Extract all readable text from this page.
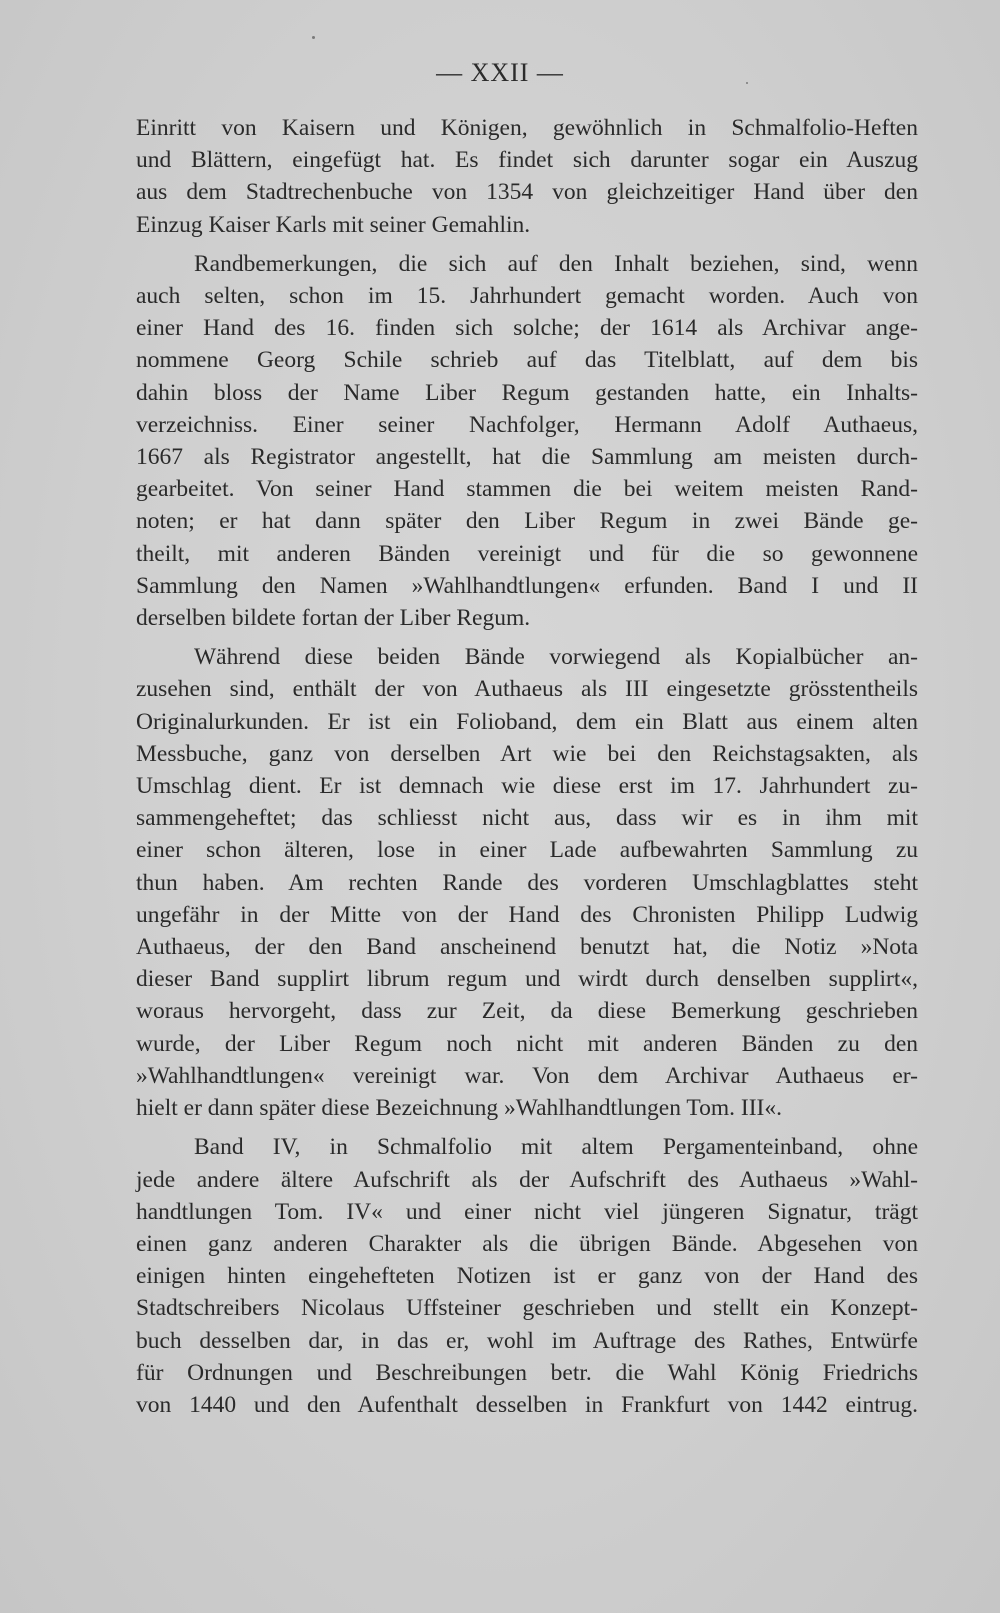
— XXII —

Einritt von Kaisern und Königen, gewöhnlich in Schmalfolio-Heften
und Blättern, eingefügt hat. Es findet sich darunter sogar ein Auszug
aus dem Stadtrechenbuche von 1354 von gleichzeitiger Hand über den
Einzug Kaiser Karls mit seiner Gemahlin.

Randbemerkungen, die sich auf den Inhalt beziehen, sind, wenn
auch selten, schon im 15. Jahrhundert gemacht worden. Auch von
einer Hand des 16. finden sich solche; der 1614 als Archivar ange-
nommene Georg Schile schrieb auf das Titelblatt, auf dem bis
dahin bloss der Name Liber Regum gestanden hatte, ein Inhalts-
verzeichniss. Einer seiner Nachfolger, Hermann Adolf Authaeus,
1667 als Registrator angestellt, hat die Sammlung am meisten durch-
gearbeitet. Von seiner Hand stammen die bei weitem meisten Rand-
noten; er hat dann später den Liber Regum in zwei Bände ge-
theilt, mit anderen Bänden vereinigt und für die so gewonnene
Sammlung den Namen »Wahlhandtlungen« erfunden. Band I und II
derselben bildete fortan der Liber Regum.

Während diese beiden Bände vorwiegend als Kopialbücher an-
zusehen sind, enthält der von Authaeus als III eingesetzte grösstentheils
Originalurkunden. Er ist ein Folioband, dem ein Blatt aus einem alten
Messbuche, ganz von derselben Art wie bei den Reichstagsakten, als
Umschlag dient. Er ist demnach wie diese erst im 17. Jahrhundert zu-
sammengeheftet; das schliesst nicht aus, dass wir es in ihm mit
einer schon älteren, lose in einer Lade aufbewahrten Sammlung zu
thun haben. Am rechten Rande des vorderen Umschlagblattes steht
ungefähr in der Mitte von der Hand des Chronisten Philipp Ludwig
Authaeus, der den Band anscheinend benutzt hat, die Notiz »Nota
dieser Band supplirt librum regum und wirdt durch denselben supplirt«,
woraus hervorgeht, dass zur Zeit, da diese Bemerkung geschrieben
wurde, der Liber Regum noch nicht mit anderen Bänden zu den
»Wahlhandtlungen« vereinigt war. Von dem Archivar Authaeus er-
hielt er dann später diese Bezeichnung »Wahlhandtlungen Tom. III«.

Band IV, in Schmalfolio mit altem Pergamenteinband, ohne
jede andere ältere Aufschrift als der Aufschrift des Authaeus »Wahl-
handtlungen Tom. IV« und einer nicht viel jüngeren Signatur, trägt
einen ganz anderen Charakter als die übrigen Bände. Abgesehen von
einigen hinten eingehefteten Notizen ist er ganz von der Hand des
Stadtschreibers Nicolaus Uffsteiner geschrieben und stellt ein Konzept-
buch desselben dar, in das er, wohl im Auftrage des Rathes, Entwürfe
für Ordnungen und Beschreibungen betr. die Wahl König Friedrichs
von 1440 und den Aufenthalt desselben in Frankfurt von 1442 eintrug.
